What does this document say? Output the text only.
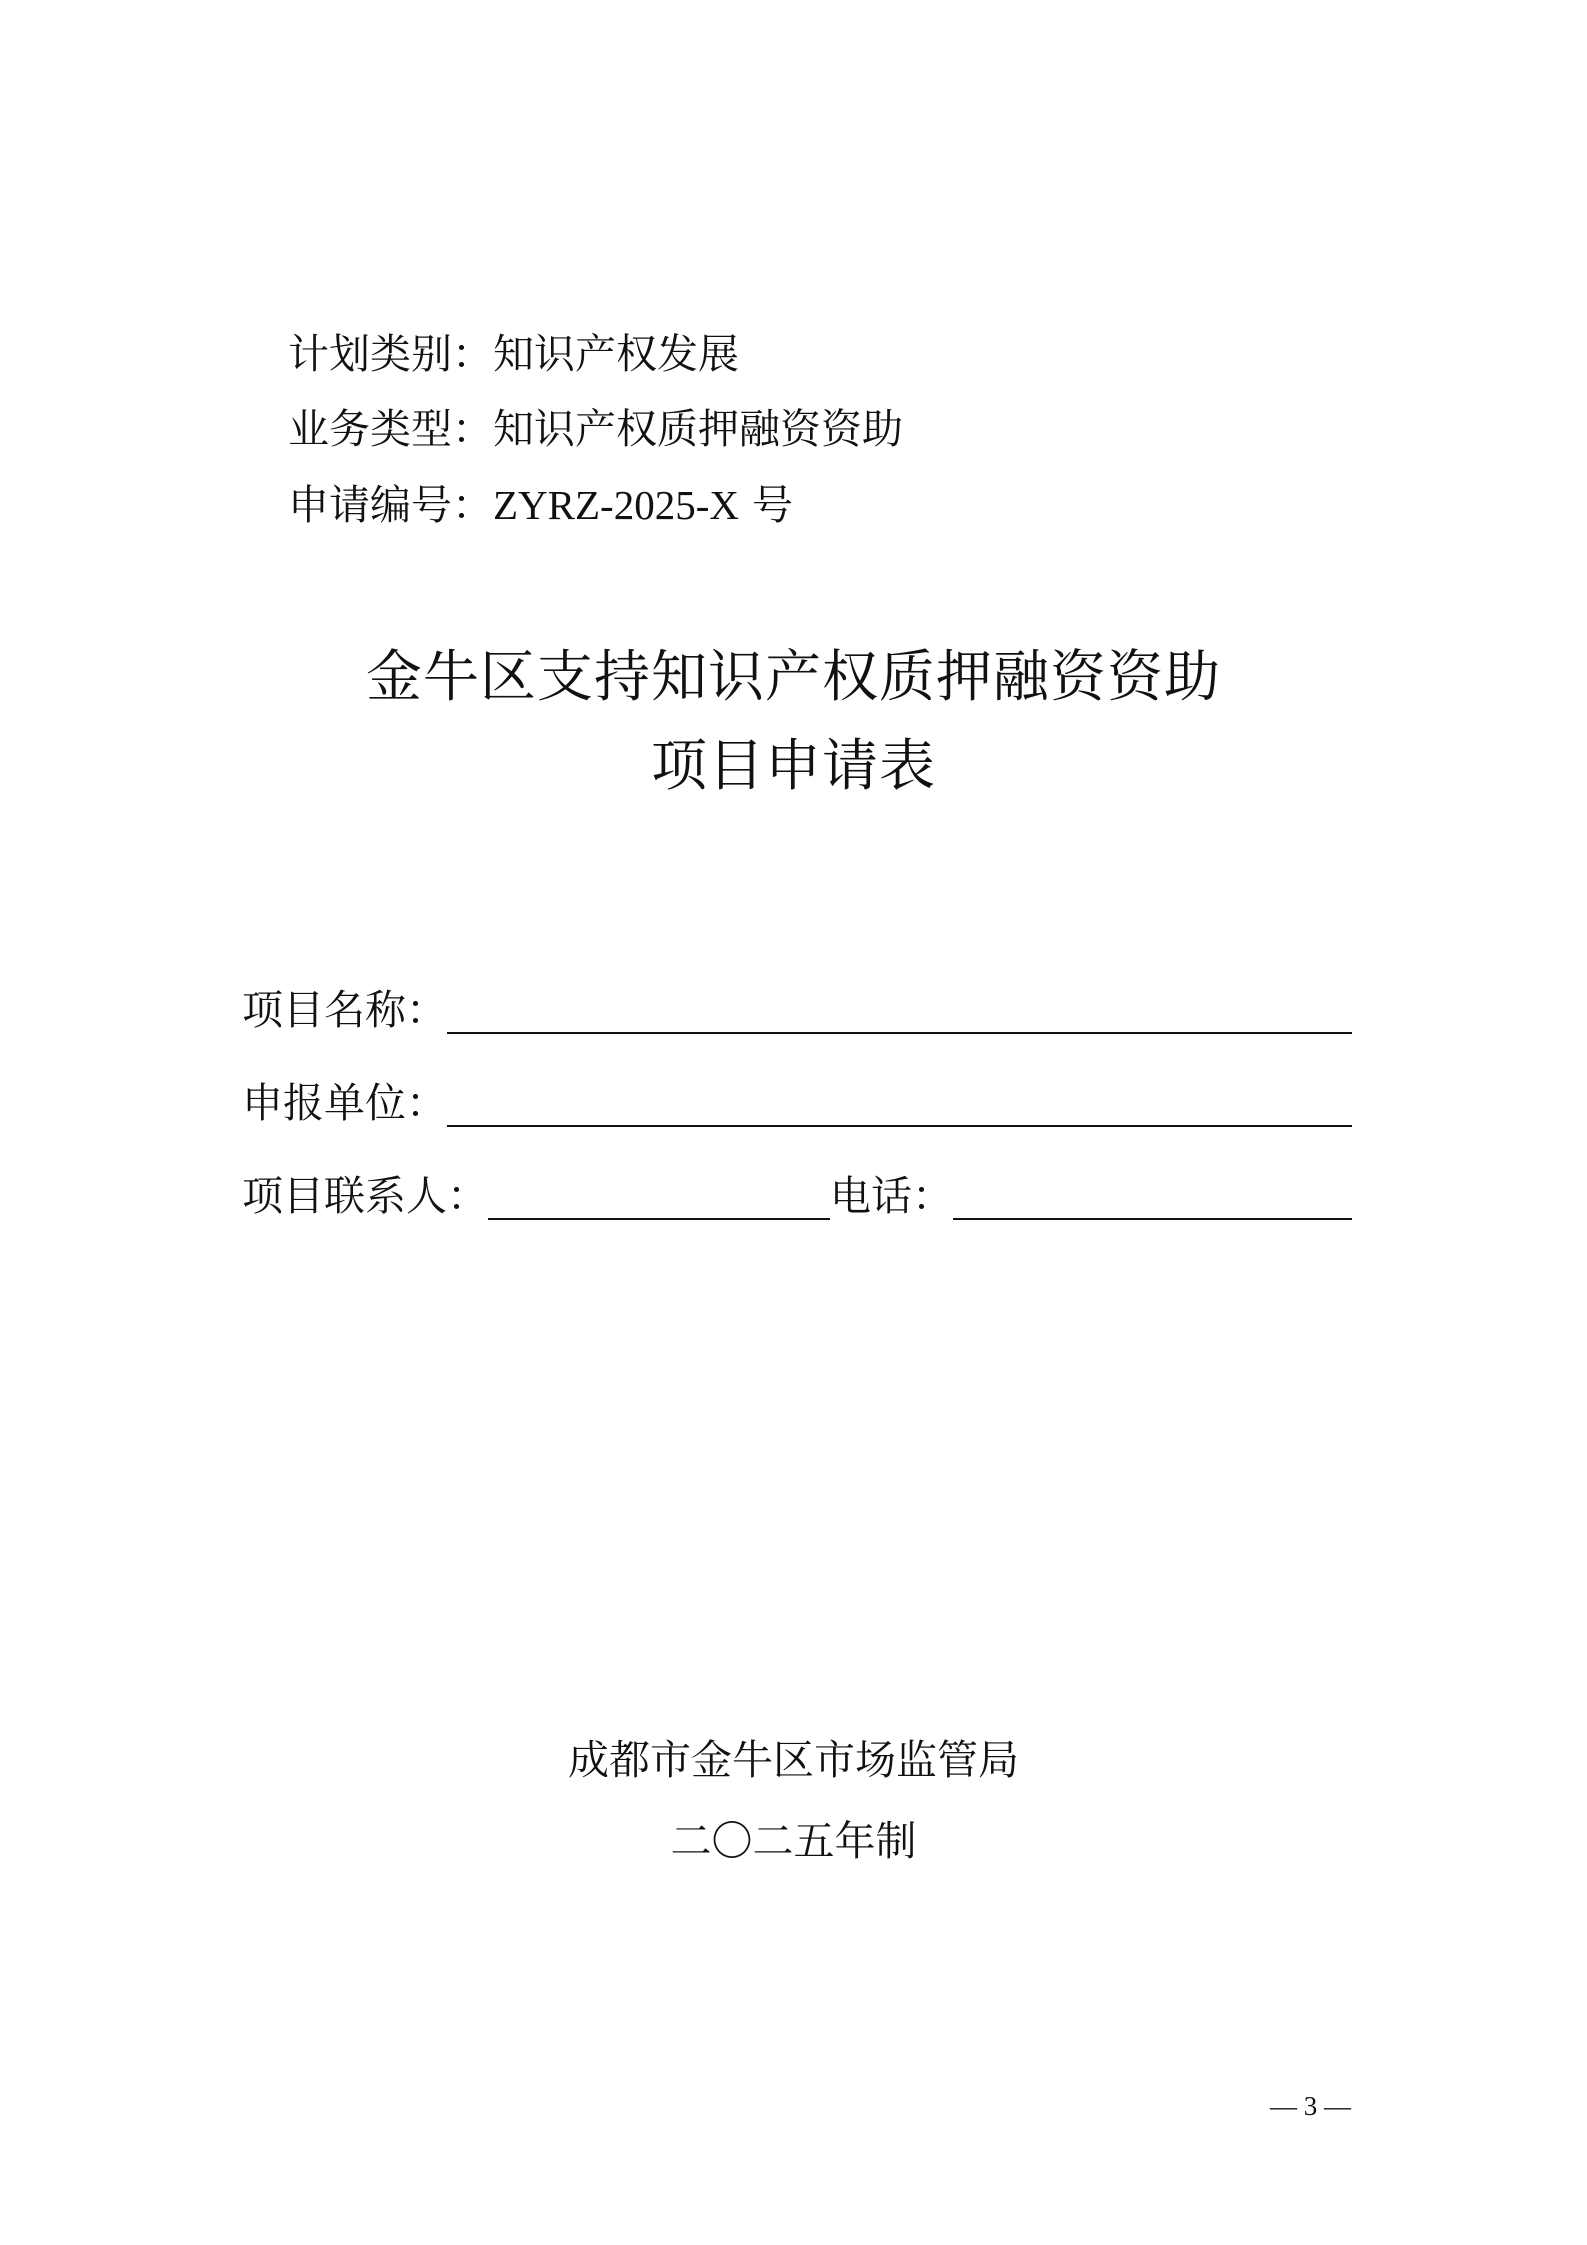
计划类别：知识产权发展
业务类型：知识产权质押融资资助
申请编号：ZYRZ-2025-X 号
金牛区支持知识产权质押融资资助
项目申请表
项目名称：
申报单位：
项目联系人：	电话：
成都市金牛区市场监管局
二〇二五年制
— 3 —
